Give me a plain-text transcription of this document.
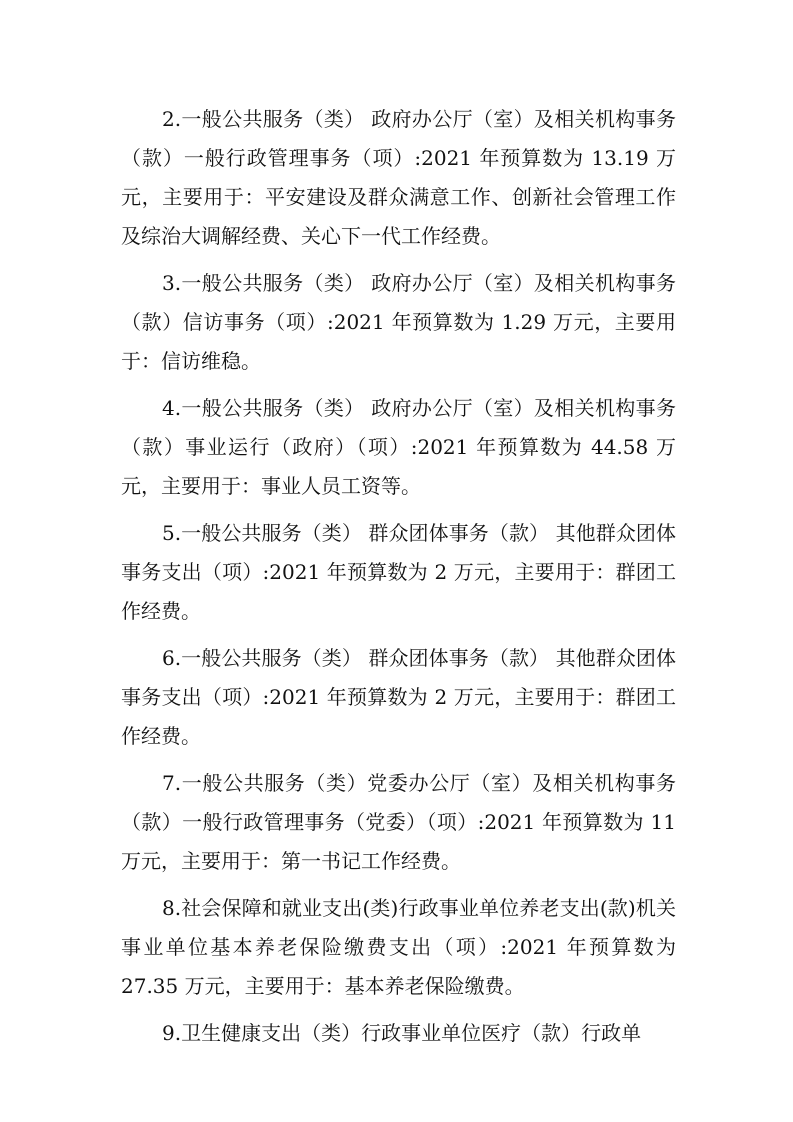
2.一般公共服务（类） 政府办公厅（室）及相关机构事务（款）一般行政管理事务（项）:2021 年预算数为 13.19 万元，主要用于：平安建设及群众满意工作、创新社会管理工作及综治大调解经费、关心下一代工作经费。

3.一般公共服务（类） 政府办公厅（室）及相关机构事务（款）信访事务（项）:2021 年预算数为 1.29 万元，主要用于：信访维稳。

4.一般公共服务（类） 政府办公厅（室）及相关机构事务（款）事业运行（政府）（项）:2021 年预算数为 44.58 万元，主要用于：事业人员工资等。

5.一般公共服务（类） 群众团体事务（款） 其他群众团体事务支出（项）:2021 年预算数为 2 万元，主要用于：群团工作经费。

6.一般公共服务（类） 群众团体事务（款） 其他群众团体事务支出（项）:2021 年预算数为 2 万元，主要用于：群团工作经费。

7.一般公共服务（类）党委办公厅（室）及相关机构事务（款）一般行政管理事务（党委）（项）:2021 年预算数为 11 万元，主要用于：第一书记工作经费。

8.社会保障和就业支出(类)行政事业单位养老支出(款)机关事业单位基本养老保险缴费支出（项）:2021 年预算数为 27.35 万元，主要用于：基本养老保险缴费。

9.卫生健康支出（类）行政事业单位医疗（款）行政单
